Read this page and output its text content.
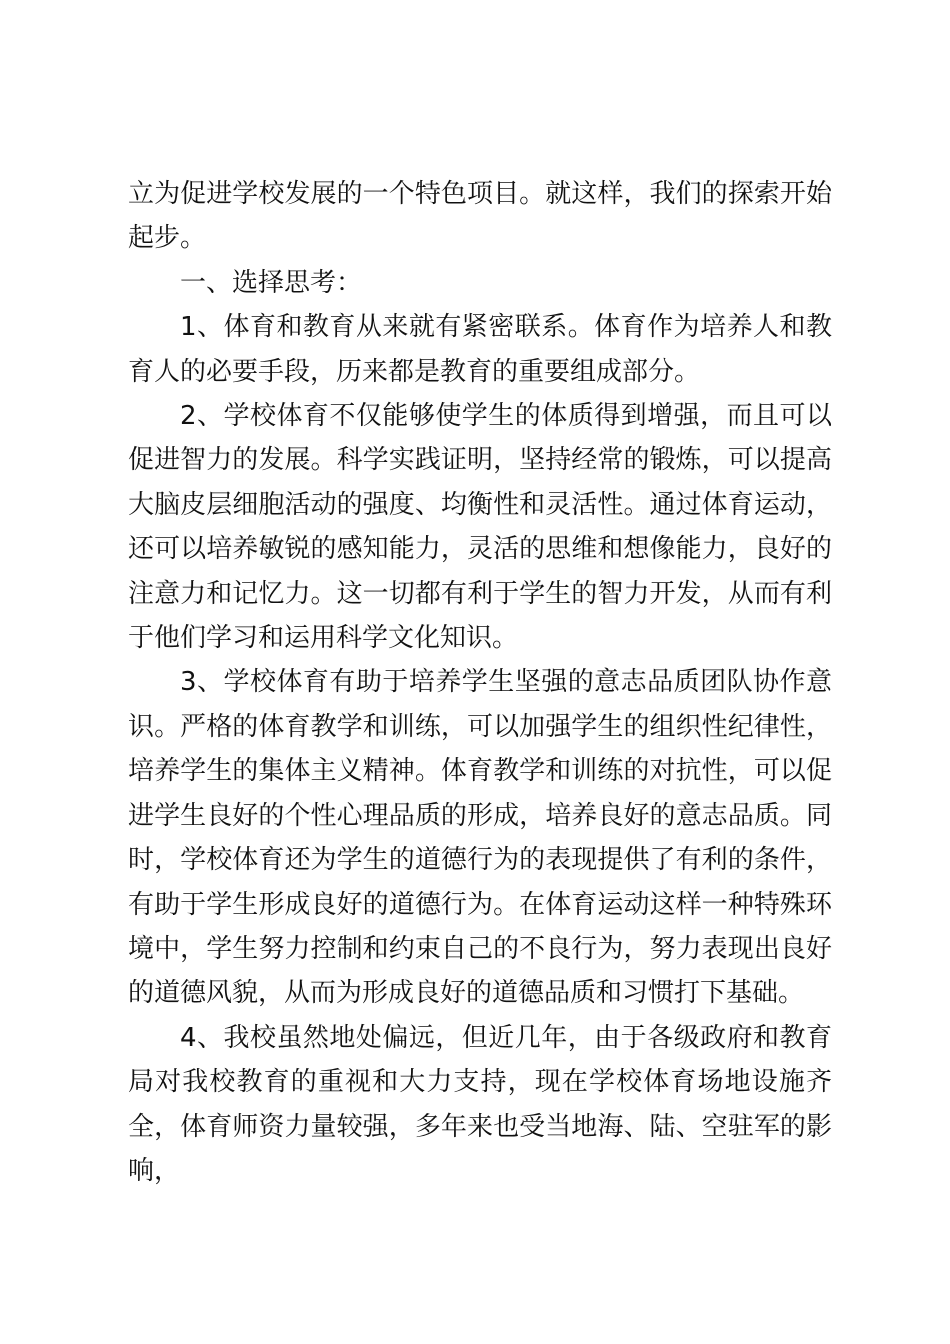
立为促进学校发展的一个特色项目。就这样，我们的探索开始起步。

一、选择思考：

1、体育和教育从来就有紧密联系。体育作为培养人和教育人的必要手段，历来都是教育的重要组成部分。

2、学校体育不仅能够使学生的体质得到增强，而且可以促进智力的发展。科学实践证明，坚持经常的锻炼，可以提高大脑皮层细胞活动的强度、均衡性和灵活性。通过体育运动，还可以培养敏锐的感知能力，灵活的思维和想像能力，良好的注意力和记忆力。这一切都有利于学生的智力开发，从而有利于他们学习和运用科学文化知识。

3、学校体育有助于培养学生坚强的意志品质团队协作意识。严格的体育教学和训练，可以加强学生的组织性纪律性，培养学生的集体主义精神。体育教学和训练的对抗性，可以促进学生良好的个性心理品质的形成，培养良好的意志品质。同时，学校体育还为学生的道德行为的表现提供了有利的条件，有助于学生形成良好的道德行为。在体育运动这样一种特殊环境中，学生努力控制和约束自己的不良行为，努力表现出良好的道德风貌，从而为形成良好的道德品质和习惯打下基础。

4、我校虽然地处偏远，但近几年，由于各级政府和教育局对我校教育的重视和大力支持，现在学校体育场地设施齐全，体育师资力量较强，多年来也受当地海、陆、空驻军的影响，
